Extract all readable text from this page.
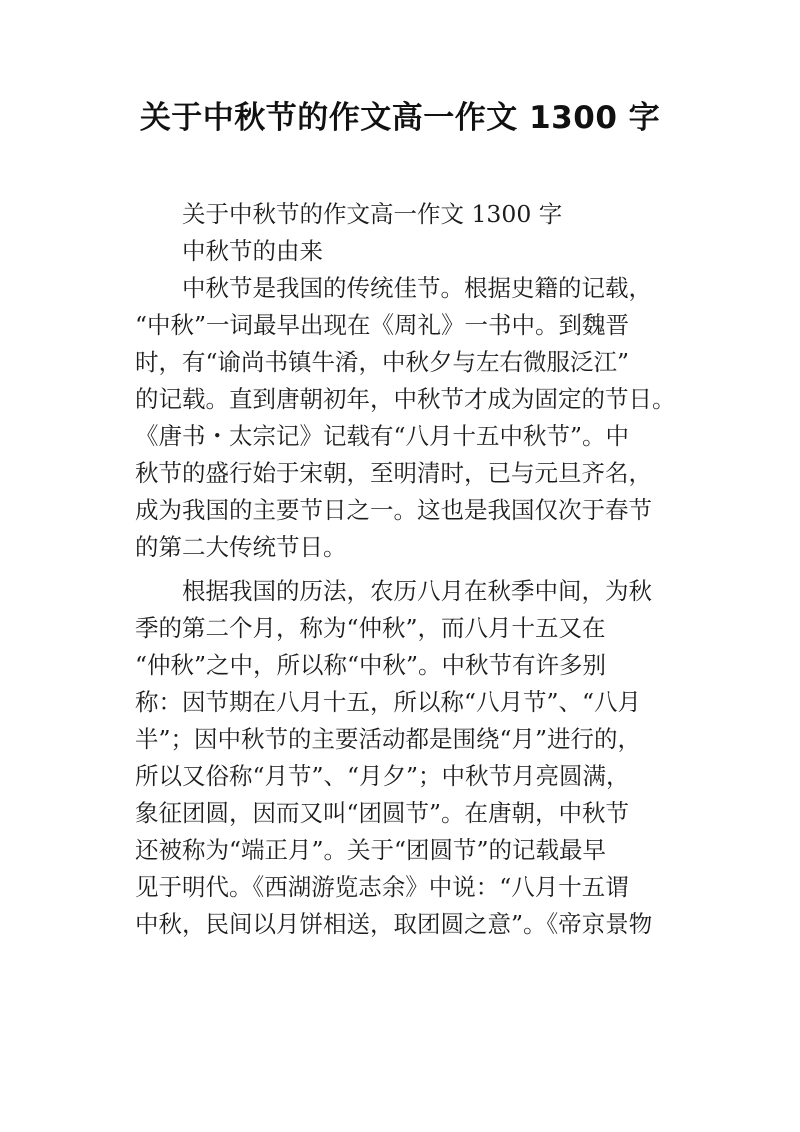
关于中秋节的作文高一作文 1300 字
关于中秋节的作文高一作文 1300 字
中秋节的由来
中秋节是我国的传统佳节。根据史籍的记载，
“中秋”一词最早出现在《周礼》一书中。到魏晋
时，有“谕尚书镇牛淆，中秋夕与左右微服泛江”
的记载。直到唐朝初年，中秋节才成为固定的节日。
《唐书・太宗记》记载有“八月十五中秋节”。中
秋节的盛行始于宋朝，至明清时，已与元旦齐名，
成为我国的主要节日之一。这也是我国仅次于春节
的第二大传统节日。
根据我国的历法，农历八月在秋季中间，为秋
季的第二个月，称为“仲秋”，而八月十五又在
“仲秋”之中，所以称“中秋”。中秋节有许多别
称：因节期在八月十五，所以称“八月节”、“八月
半”；因中秋节的主要活动都是围绕“月”进行的，
所以又俗称“月节”、“月夕”；中秋节月亮圆满，
象征团圆，因而又叫“团圆节”。在唐朝，中秋节
还被称为“端正月”。关于“团圆节”的记载最早
见于明代。《西湖游览志余》中说：“八月十五谓
中秋，民间以月饼相送，取团圆之意”。《帝京景物
